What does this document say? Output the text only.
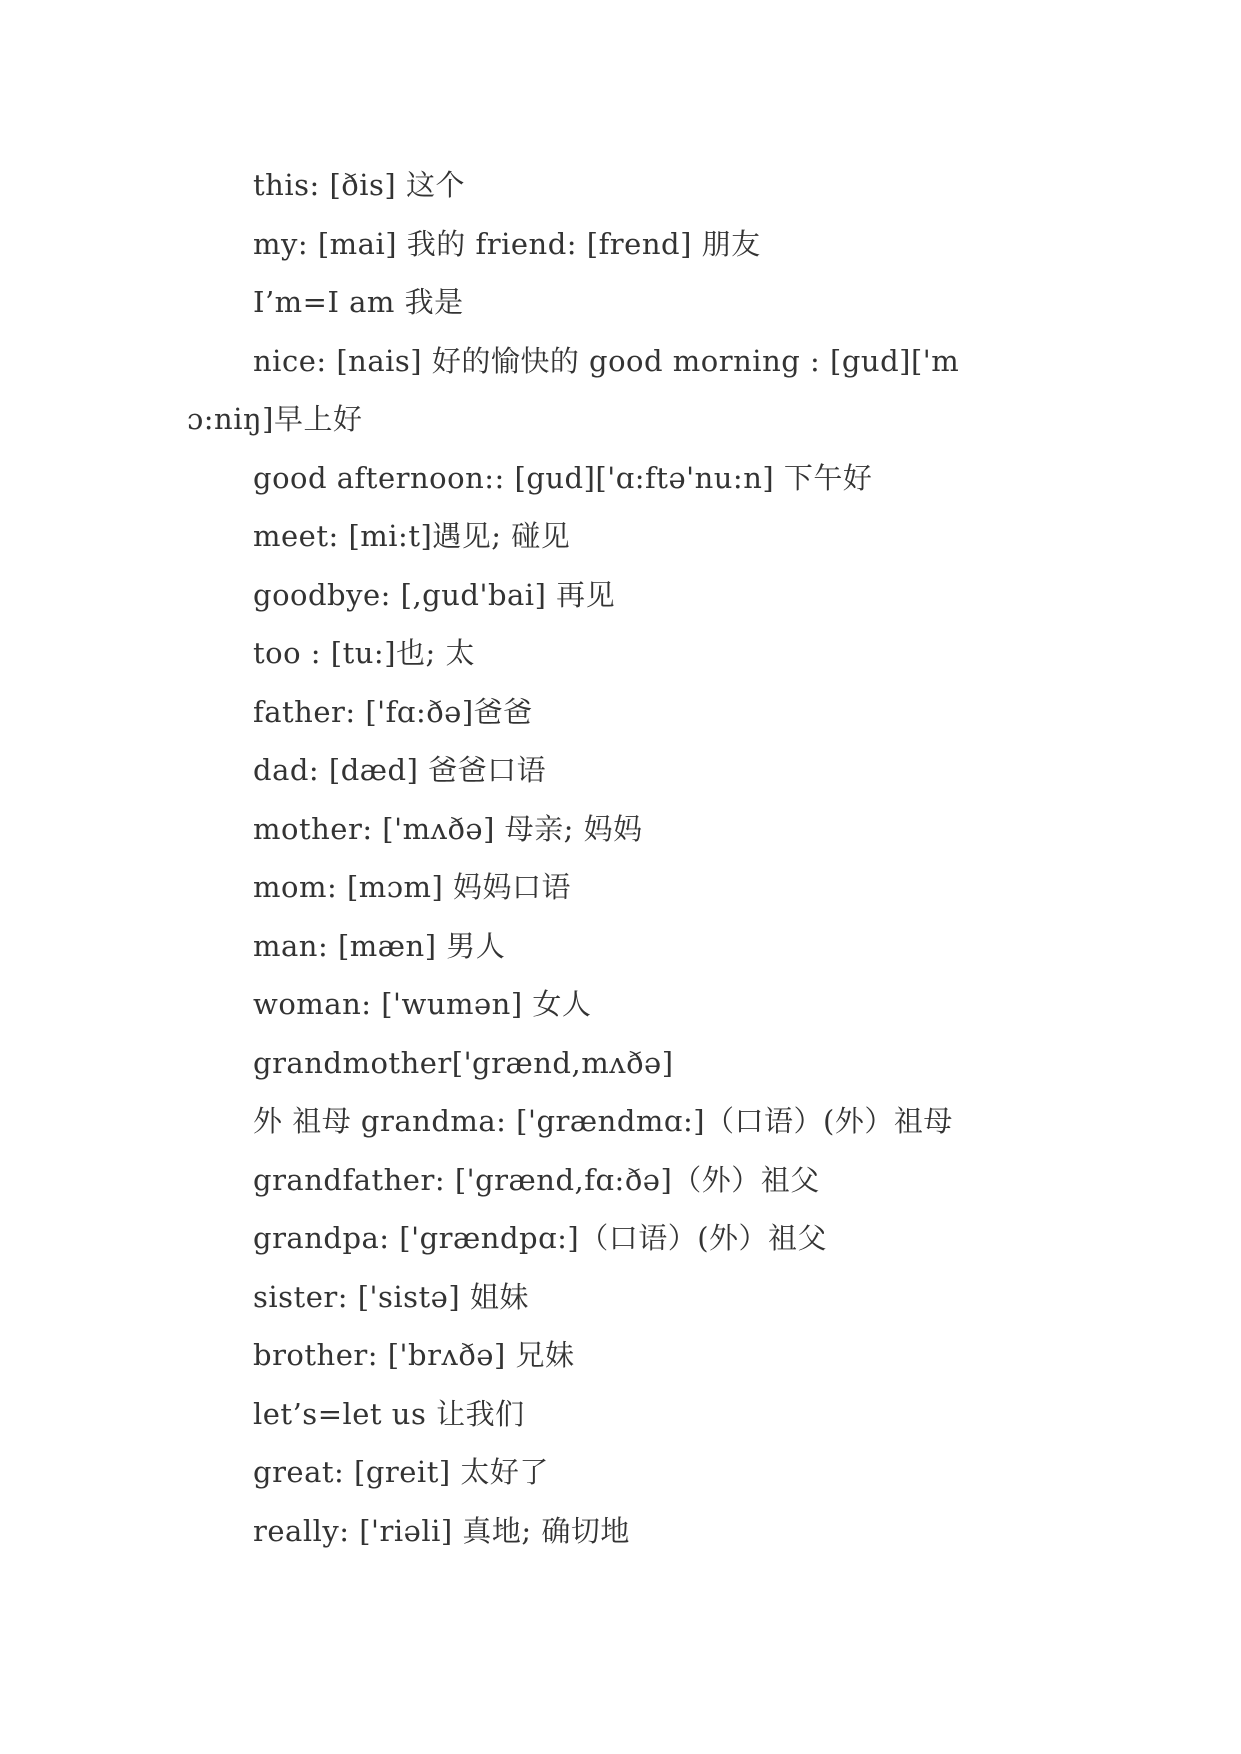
this: [ðis] 这个
my: [mai] 我的 friend: [frend] 朋友
I’m=I am 我是
nice: [nais] 好的愉快的 good morning : [gud]['m
ɔ:niŋ]早上好
good afternoon:: [gud]['ɑ:ftə'nu:n] 下午好
meet: [mi:t]遇见; 碰见
goodbye: [,gud'bai] 再见
too : [tu:]也; 太
father: ['fɑ:ðə]爸爸
dad: [dæd] 爸爸口语
mother: ['mʌðə] 母亲; 妈妈
mom: [mɔm] 妈妈口语
man: [mæn] 男人
woman: ['wumən] 女人
grandmother['grænd,mʌðə]
外 祖母 grandma: ['grændmɑ:]（口语）(外）祖母
grandfather: ['grænd,fɑ:ðə]（外）祖父
grandpa: ['grændpɑ:]（口语）(外）祖父
sister: ['sistə] 姐妹
brother: ['brʌðə] 兄妹
let’s=let us 让我们
great: [greit] 太好了
really: ['riəli] 真地; 确切地
